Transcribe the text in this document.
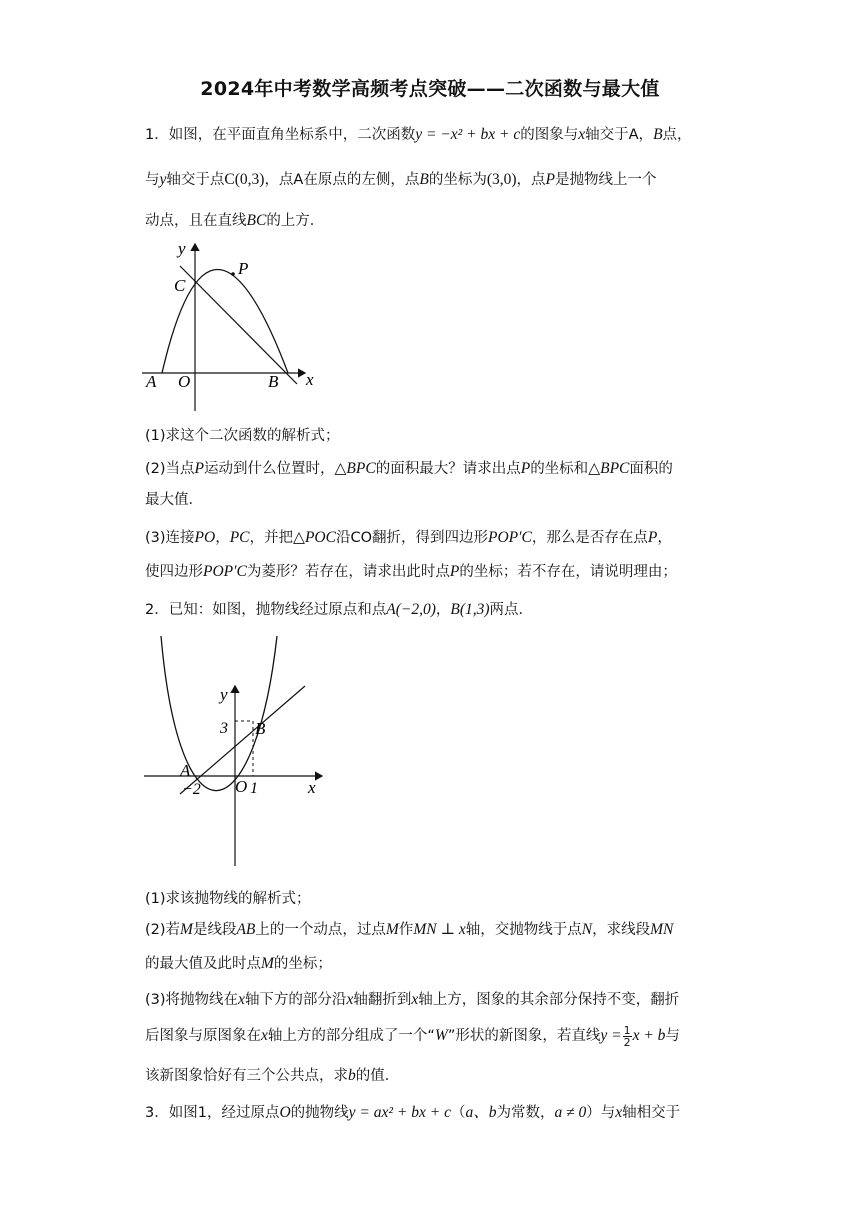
2024年中考数学高频考点突破——二次函数与最大值
1．如图，在平面直角坐标系中，二次函数y = −x² + bx + c的图象与x轴交于A，B点，
与y轴交于点C(0,3)，点A在原点的左侧，点B的坐标为(3,0)，点P是抛物线上一个
动点，且在直线BC的上方．
y
P
C
A O	B x
(1)求这个二次函数的解析式；
(2)当点P运动到什么位置时，△BPC的面积最大？请求出点P的坐标和△BPC面积的
最大值．
(3)连接PO，PC，并把△POC沿CO翻折，得到四边形POP′C，那么是否存在点P，
使四边形POP′C为菱形？若存在，请求出此时点P的坐标；若不存在，请说明理由；
2．已知：如图，抛物线经过原点和点A(−2,0)，B(1,3)两点．
y
3 B
A
−2 O 1	x
(1)求该抛物线的解析式；
(2)若M是线段AB上的一个动点，过点M作MN ⊥ x轴，交抛物线于点N，求线段MN
的最大值及此时点M的坐标；
(3)将抛物线在x轴下方的部分沿x轴翻折到x轴上方，图象的其余部分保持不变，翻折
后图象与原图象在x轴上方的部分组成了一个“W”形状的新图象，若直线$y = \frac{1}{2}$ x + b与
该新图象恰好有三个公共点，求b的值．
3．如图1，经过原点O的抛物线y = ax² + bx + c（a、b为常数，a ≠ 0）与x轴相交于
